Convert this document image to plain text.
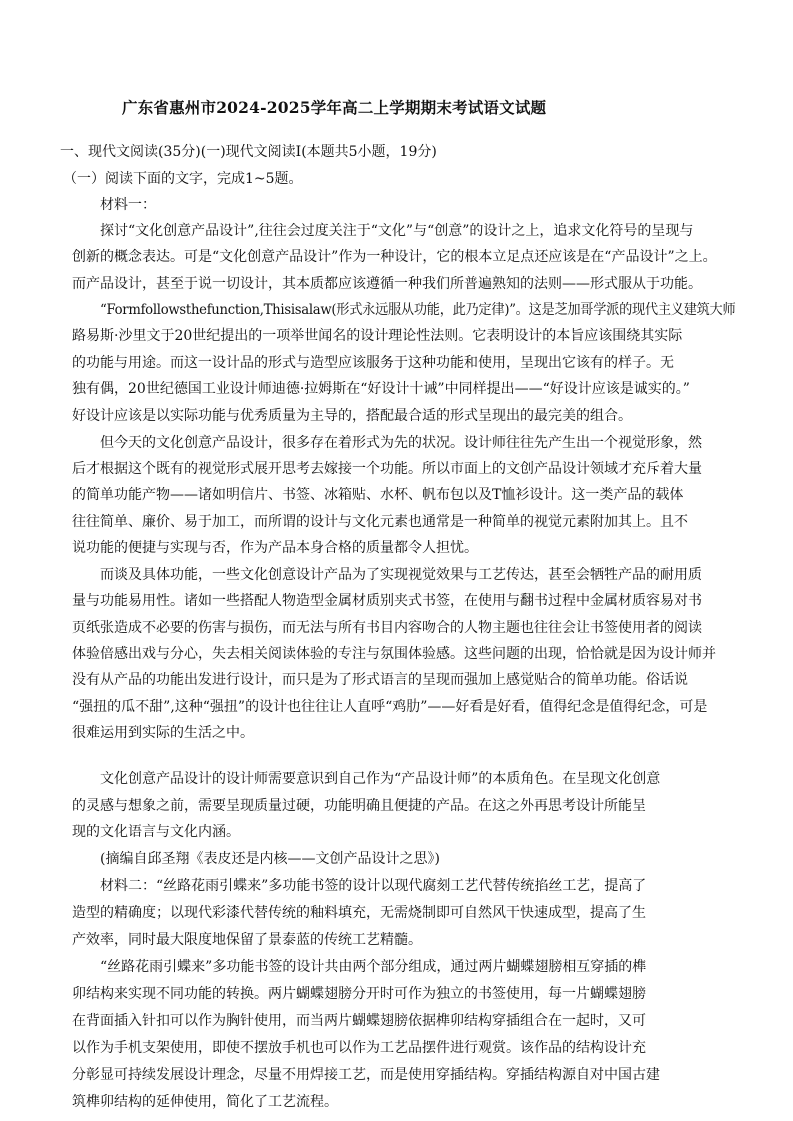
广东省惠州市2024-2025学年高二上学期期末考试语文试题
一、现代文阅读(35分)(一)现代文阅读I(本题共5小题，19分)
（一）阅读下面的文字，完成1~5题。
材料一：
探讨“文化创意产品设计”,往往会过度关注于“文化”与“创意”的设计之上，追求文化符号的呈现与
创新的概念表达。可是“文化创意产品设计”作为一种设计，它的根本立足点还应该是在“产品设计”之上。
而产品设计，甚至于说一切设计，其本质都应该遵循一种我们所普遍熟知的法则——形式服从于功能。
“Formfollowsthefunction,Thisisalaw(形式永远服从功能，此乃定律)”。这是芝加哥学派的现代主义建筑大师
路易斯·沙里文于20世纪提出的一项举世闻名的设计理论性法则。它表明设计的本旨应该围绕其实际
的功能与用途。而这一设计品的形式与造型应该服务于这种功能和使用，呈现出它该有的样子。无
独有偶，20世纪德国工业设计师迪德·拉姆斯在“好设计十诫”中同样提出——“好设计应该是诚实的。”
好设计应该是以实际功能与优秀质量为主导的，搭配最合适的形式呈现出的最完美的组合。
但今天的文化创意产品设计，很多存在着形式为先的状况。设计师往往先产生出一个视觉形象，然
后才根据这个既有的视觉形式展开思考去嫁接一个功能。所以市面上的文创产品设计领域才充斥着大量
的简单功能产物——诸如明信片、书签、冰箱贴、水杯、帆布包以及T恤衫设计。这一类产品的载体
往往简单、廉价、易于加工，而所谓的设计与文化元素也通常是一种简单的视觉元素附加其上。且不
说功能的便捷与实现与否，作为产品本身合格的质量都令人担忧。
而谈及具体功能，一些文化创意设计产品为了实现视觉效果与工艺传达，甚至会牺牲产品的耐用质
量与功能易用性。诸如一些搭配人物造型金属材质别夹式书签，在使用与翻书过程中金属材质容易对书
页纸张造成不必要的伤害与损伤，而无法与所有书目内容吻合的人物主题也往往会让书签使用者的阅读
体验倍感出戏与分心，失去相关阅读体验的专注与氛围体验感。这些问题的出现，恰恰就是因为设计师并
没有从产品的功能出发进行设计，而只是为了形式语言的呈现而强加上感觉贴合的简单功能。俗话说
“强扭的瓜不甜”,这种“强扭”的设计也往往让人直呼“鸡肋”——好看是好看，值得纪念是值得纪念，可是
很难运用到实际的生活之中。
文化创意产品设计的设计师需要意识到自己作为“产品设计师”的本质角色。在呈现文化创意
的灵感与想象之前，需要呈现质量过硬，功能明确且便捷的产品。在这之外再思考设计所能呈
现的文化语言与文化内涵。
(摘编自邱圣翔《表皮还是内核——文创产品设计之思》)
材料二：“丝路花雨引蝶来”多功能书签的设计以现代腐刻工艺代替传统掐丝工艺，提高了
造型的精确度；以现代彩漆代替传统的釉料填充，无需烧制即可自然风干快速成型，提高了生
产效率，同时最大限度地保留了景泰蓝的传统工艺精髓。
“丝路花雨引蝶来”多功能书签的设计共由两个部分组成，通过两片蝴蝶翅膀相互穿插的榫
卯结构来实现不同功能的转换。两片蝴蝶翅膀分开时可作为独立的书签使用，每一片蝴蝶翅膀
在背面插入针扣可以作为胸针使用，而当两片蝴蝶翅膀依据榫卯结构穿插组合在一起时，又可
以作为手机支架使用，即使不摆放手机也可以作为工艺品摆件进行观赏。该作品的结构设计充
分彰显可持续发展设计理念，尽量不用焊接工艺，而是使用穿插结构。穿插结构源自对中国古建
筑榫卯结构的延伸使用，简化了工艺流程。
